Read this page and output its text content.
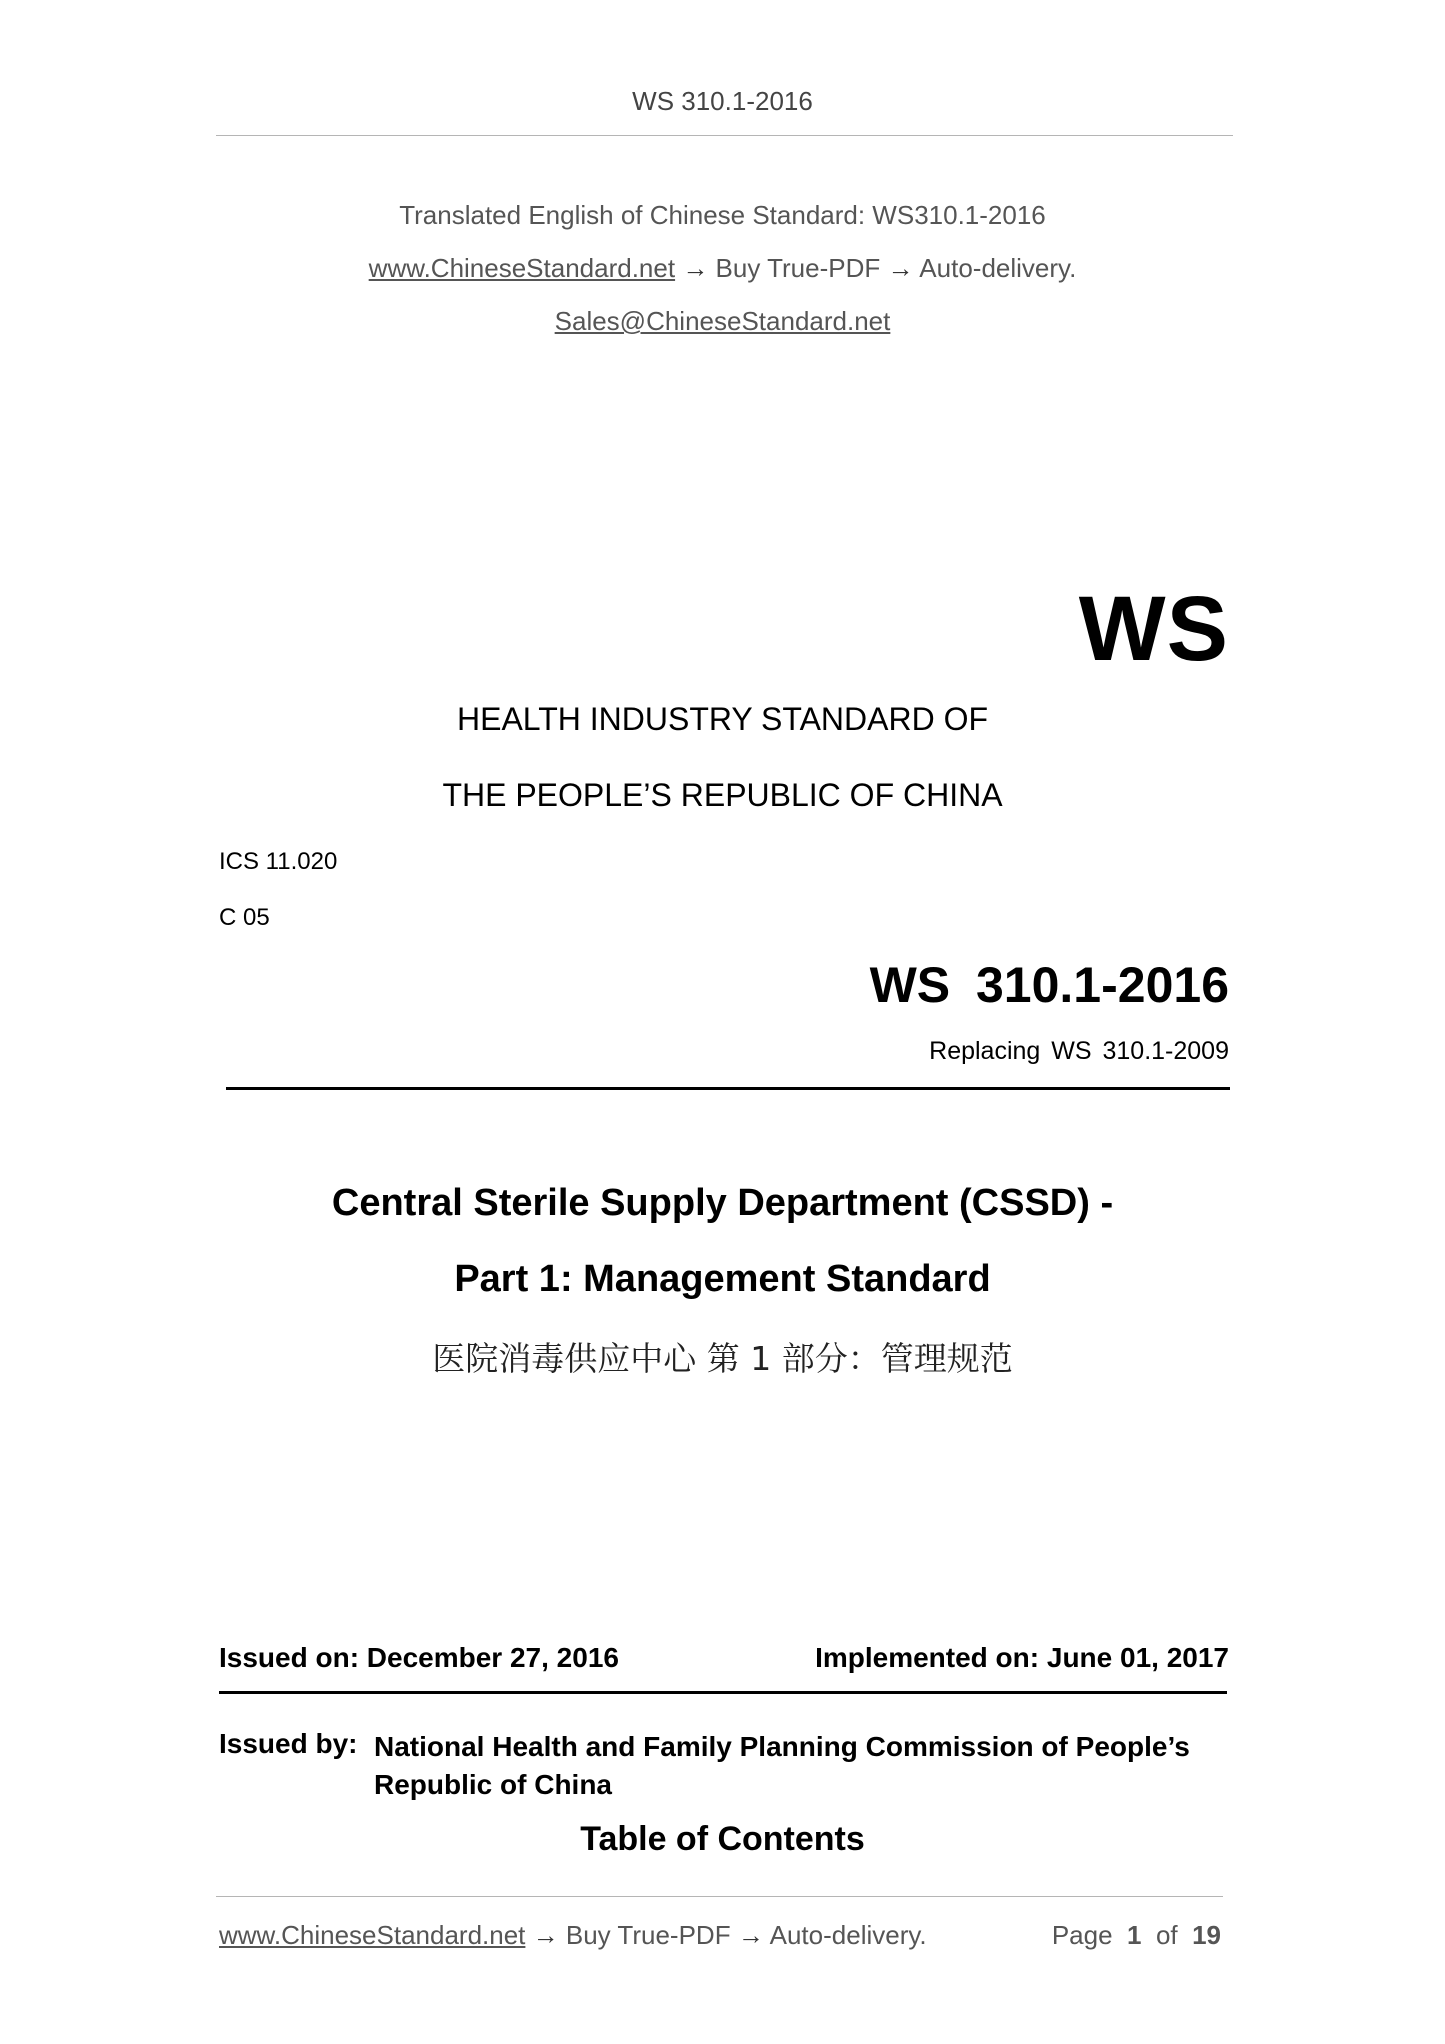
WS 310.1-2016
Translated English of Chinese Standard: WS310.1-2016
www.ChineseStandard.net → Buy True-PDF → Auto-delivery.
Sales@ChineseStandard.net
WS
HEALTH INDUSTRY STANDARD OF
THE PEOPLE’S REPUBLIC OF CHINA
ICS 11.020
C 05
WS 310.1-2016
Replacing WS 310.1-2009
Central Sterile Supply Department (CSSD) -
Part 1: Management Standard
医院消毒供应中心 第 1 部分：管理规范
Issued on: December 27, 2016	Implemented on: June 01, 2017
Issued by: National Health and Family Planning Commission of People’s Republic of China
Table of Contents
www.ChineseStandard.net → Buy True-PDF → Auto-delivery.	Page 1 of 19
